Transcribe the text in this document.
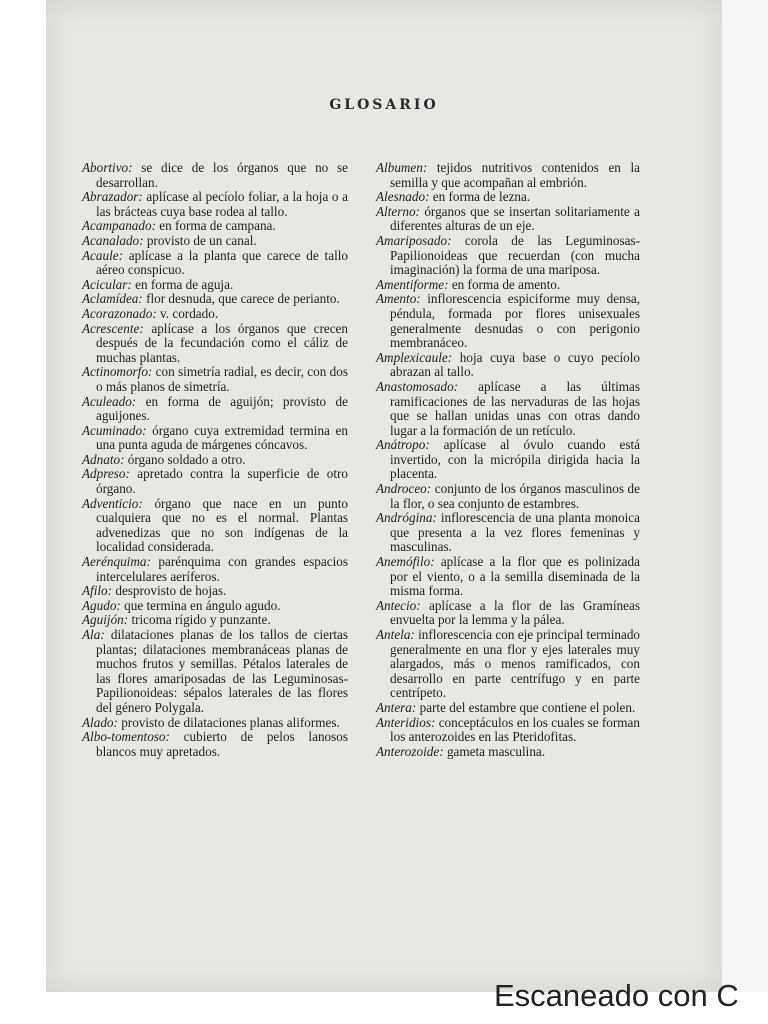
GLOSARIO

Abortivo: se dice de los órganos que no se desarrollan.

Abrazador: aplícase al pecíolo foliar, a la hoja o a las brácteas cuya base rodea al tallo.

Acampanado: en forma de campana.

Acanalado: provisto de un canal.

Acaule: aplícase a la planta que carece de tallo aéreo conspicuo.

Acicular: en forma de aguja.

Aclamídea: flor desnuda, que carece de perianto.

Acorazonado: v. cordado.

Acrescente: aplícase a los órganos que crecen después de la fecundación como el cáliz de muchas plantas.

Actinomorfo: con simetría radial, es decir, con dos o más planos de simetría.

Aculeado: en forma de aguijón; provisto de aguijones.

Acuminado: órgano cuya extremidad termina en una punta aguda de márgenes cóncavos.

Adnato: órgano soldado a otro.

Adpreso: apretado contra la superficie de otro órgano.

Adventicio: órgano que nace en un punto cualquiera que no es el normal. Plantas advenedizas que no son indígenas de la localidad considerada.

Aerénquima: parénquima con grandes espacios intercelulares aeríferos.

Afilo: desprovisto de hojas.

Agudo: que termina en ángulo agudo.

Aguijón: tricoma rígido y punzante.

Ala: dilataciones planas de los tallos de ciertas plantas; dilataciones membranáceas planas de muchos frutos y semillas. Pétalos laterales de las flores amariposadas de las Leguminosas-Papilionoideas: sépalos laterales de las flores del género Polygala.

Alado: provisto de dilataciones planas aliformes.

Albo-tomentoso: cubierto de pelos lanosos blancos muy apretados.

Albumen: tejidos nutritivos contenidos en la semilla y que acompañan al embrión.

Alesnado: en forma de lezna.

Alterno: órganos que se insertan solitariamente a diferentes alturas de un eje.

Amariposado: corola de las Leguminosas-Papilionoideas que recuerdan (con mucha imaginación) la forma de una mariposa.

Amentiforme: en forma de amento.

Amento: inflorescencia espiciforme muy densa, péndula, formada por flores unisexuales generalmente desnudas o con perigonio membranáceo.

Amplexicaule: hoja cuya base o cuyo pecíolo abrazan al tallo.

Anastomosado: aplícase a las últimas ramificaciones de las nervaduras de las hojas que se hallan unidas unas con otras dando lugar a la formación de un retículo.

Anátropo: aplícase al óvulo cuando está invertido, con la micrópila dirigida hacia la placenta.

Androceo: conjunto de los órganos masculinos de la flor, o sea conjunto de estambres.

Andrógina: inflorescencia de una planta monoica que presenta a la vez flores femeninas y masculinas.

Anemófilo: aplícase a la flor que es polinizada por el viento, o a la semilla diseminada de la misma forma.

Antecio: aplícase a la flor de las Gramíneas envuelta por la lemma y la pálea.

Antela: inflorescencia con eje principal terminado generalmente en una flor y ejes laterales muy alargados, más o menos ramificados, con desarrollo en parte centrífugo y en parte centrípeto.

Antera: parte del estambre que contiene el polen.

Anteridios: conceptáculos en los cuales se forman los anterozoides en las Pteridofitas.

Anterozoide: gameta masculina.

Escaneado con C
